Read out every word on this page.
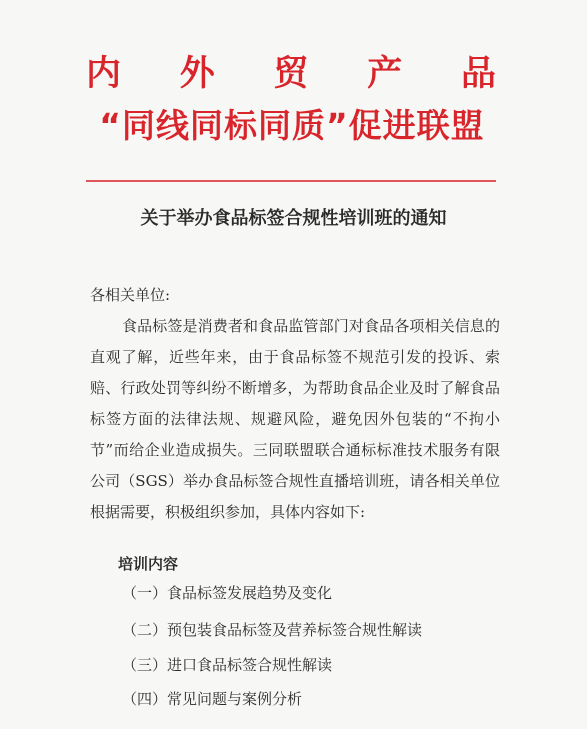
内 外 贸 产 品
“同线同标同质”促进联盟
关于举办食品标签合规性培训班的通知
各相关单位:
食品标签是消费者和食品监管部门对食品各项相关信息的直观了解，近些年来，由于食品标签不规范引发的投诉、索赔、行政处罚等纠纷不断增多，为帮助食品企业及时了解食品标签方面的法律法规、规避风险，避免因外包装的“不拘小节”而给企业造成损失。三同联盟联合通标标准技术服务有限公司（SGS）举办食品标签合规性直播培训班，请各相关单位根据需要，积极组织参加，具体内容如下:
培训内容
（一）食品标签发展趋势及变化
（二）预包装食品标签及营养标签合规性解读
（三）进口食品标签合规性解读
（四）常见问题与案例分析
